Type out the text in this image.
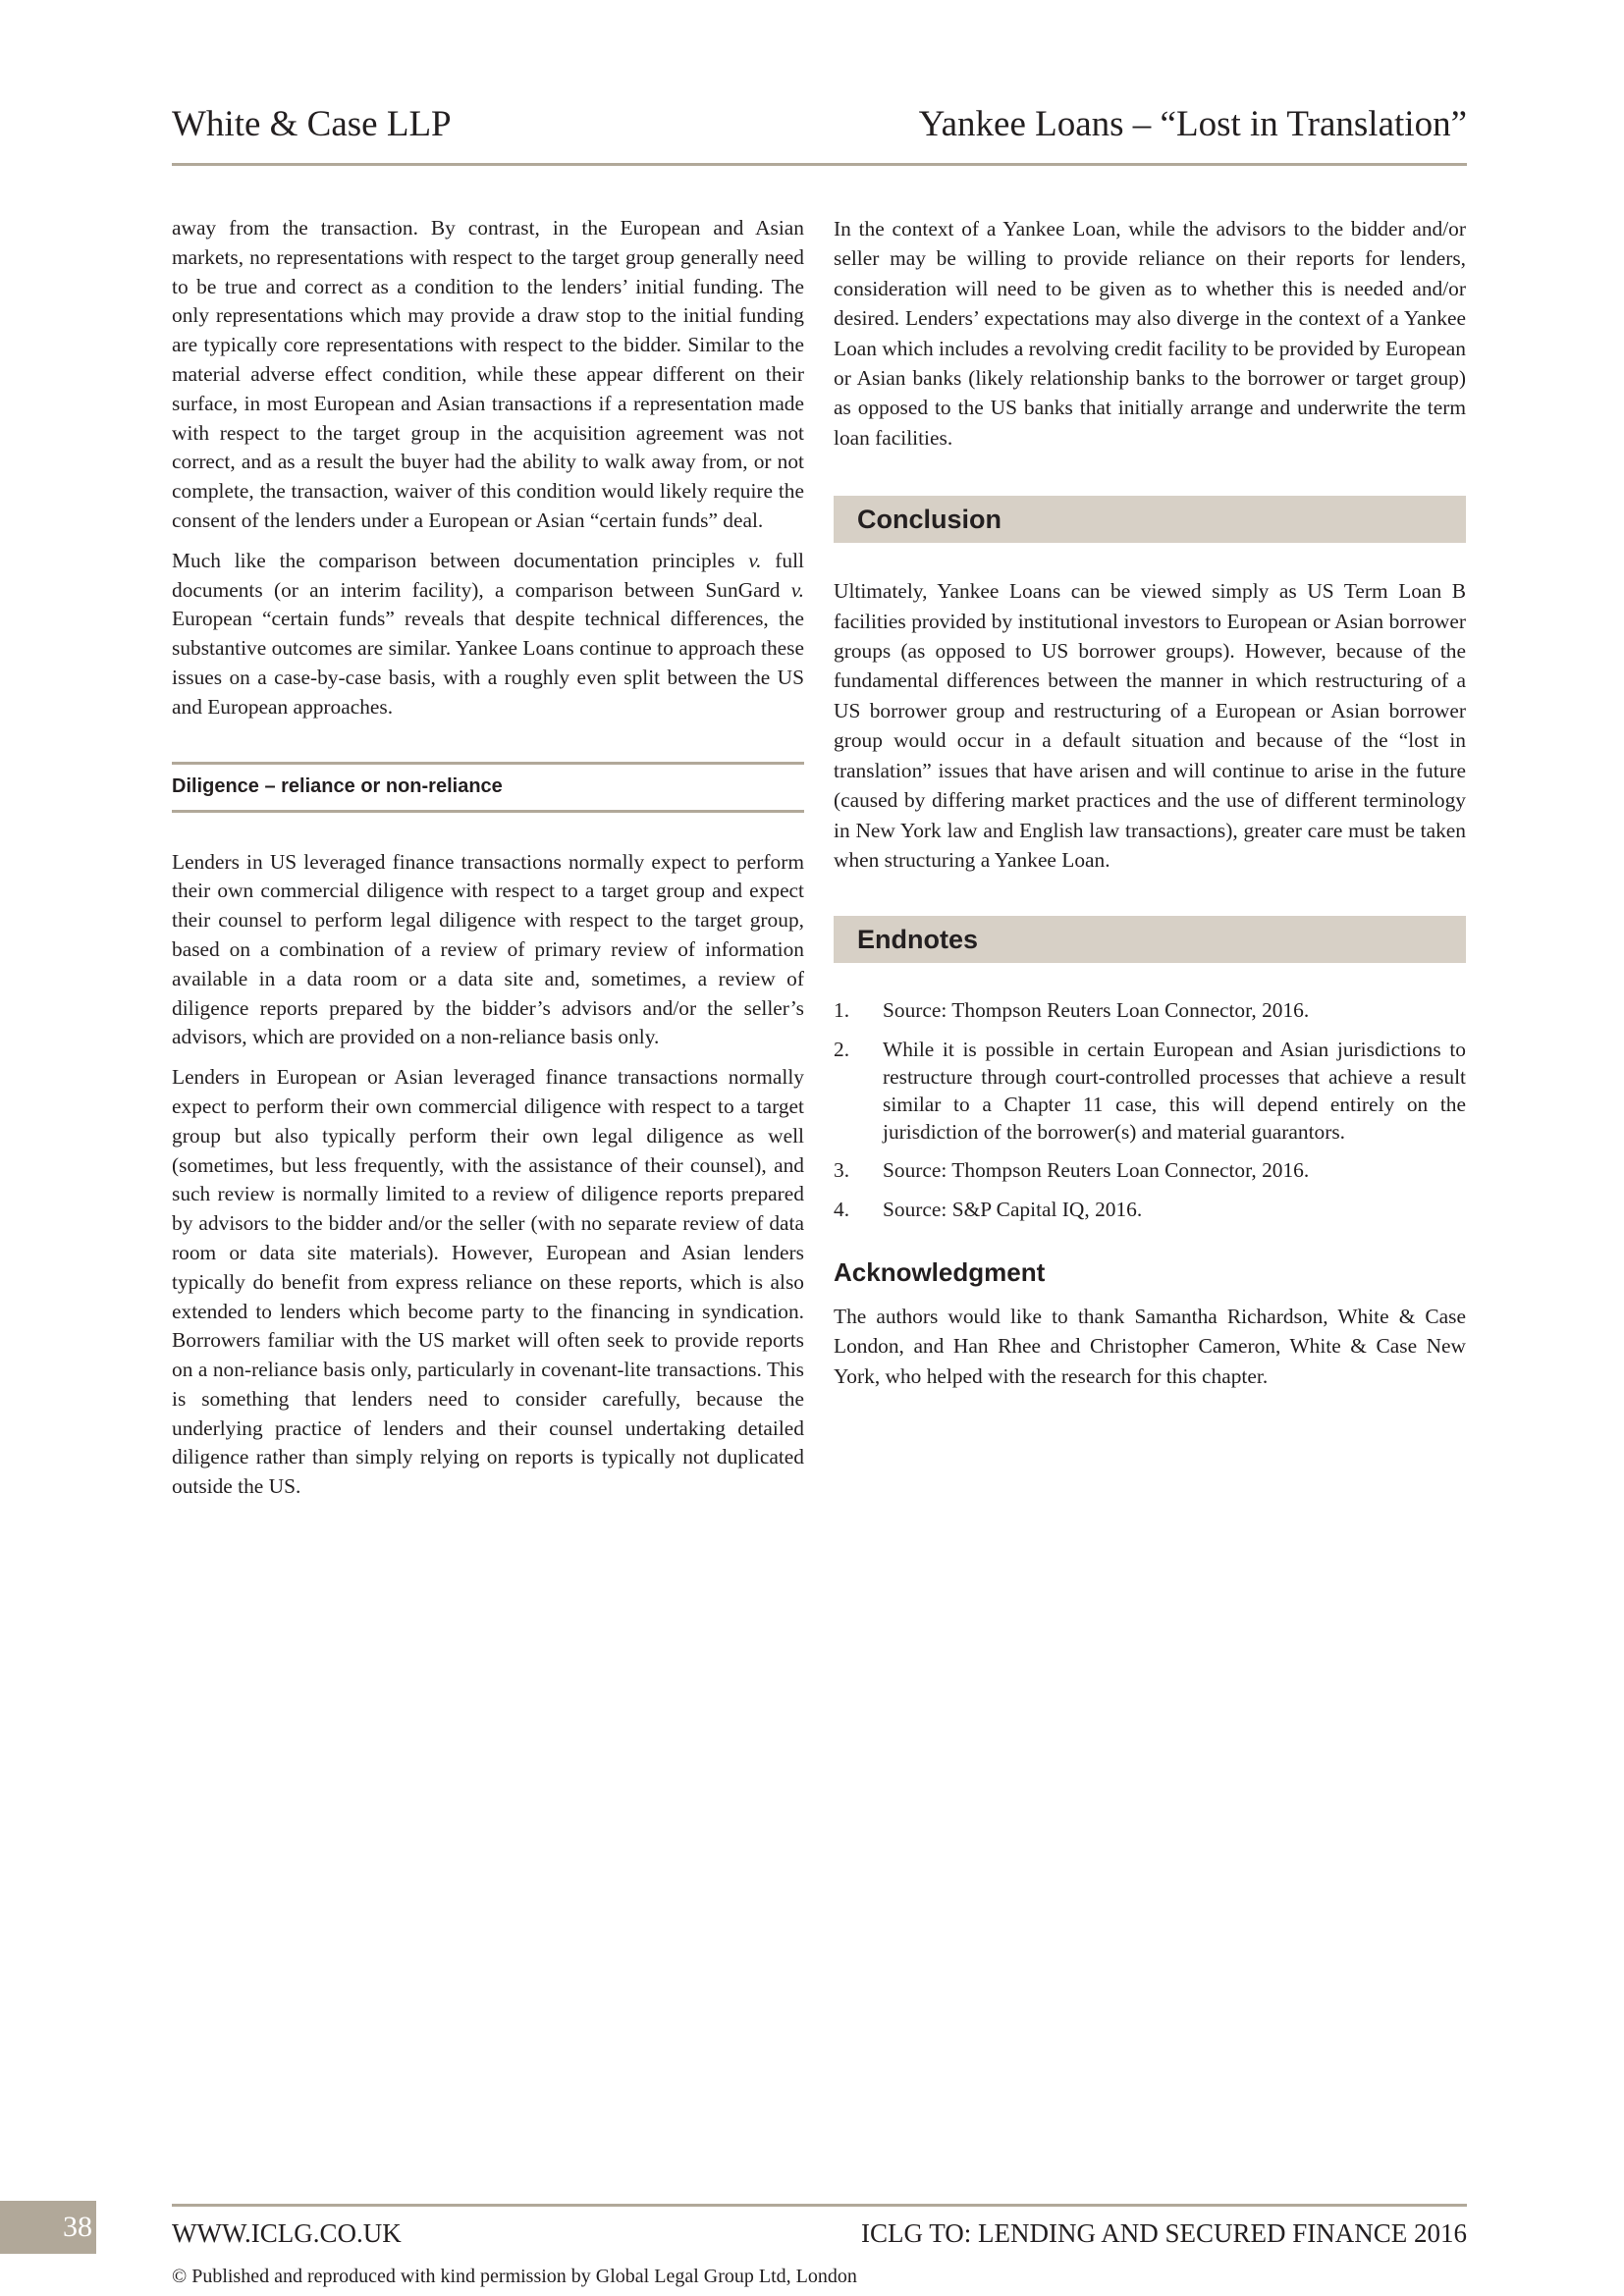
White & Case LLP	Yankee Loans – “Lost in Translation”

away from the transaction. By contrast, in the European and Asian markets, no representations with respect to the target group generally need to be true and correct as a condition to the lenders’ initial funding. The only representations which may provide a draw stop to the initial funding are typically core representations with respect to the bidder. Similar to the material adverse effect condition, while these appear different on their surface, in most European and Asian transactions if a representation made with respect to the target group in the acquisition agreement was not correct, and as a result the buyer had the ability to walk away from, or not complete, the transaction, waiver of this condition would likely require the consent of the lenders under a European or Asian “certain funds” deal.

Much like the comparison between documentation principles v. full documents (or an interim facility), a comparison between SunGard v. European “certain funds” reveals that despite technical differences, the substantive outcomes are similar. Yankee Loans continue to approach these issues on a case-by-case basis, with a roughly even split between the US and European approaches.

Diligence – reliance or non-reliance

Lenders in US leveraged finance transactions normally expect to perform their own commercial diligence with respect to a target group and expect their counsel to perform legal diligence with respect to the target group, based on a combination of a review of primary review of information available in a data room or a data site and, sometimes, a review of diligence reports prepared by the bidder’s advisors and/or the seller’s advisors, which are provided on a non-reliance basis only.

Lenders in European or Asian leveraged finance transactions normally expect to perform their own commercial diligence with respect to a target group but also typically perform their own legal diligence as well (sometimes, but less frequently, with the assistance of their counsel), and such review is normally limited to a review of diligence reports prepared by advisors to the bidder and/or the seller (with no separate review of data room or data site materials). However, European and Asian lenders typically do benefit from express reliance on these reports, which is also extended to lenders which become party to the financing in syndication. Borrowers familiar with the US market will often seek to provide reports on a non-reliance basis only, particularly in covenant-lite transactions. This is something that lenders need to consider carefully, because the underlying practice of lenders and their counsel undertaking detailed diligence rather than simply relying on reports is typically not duplicated outside the US.

In the context of a Yankee Loan, while the advisors to the bidder and/or seller may be willing to provide reliance on their reports for lenders, consideration will need to be given as to whether this is needed and/or desired. Lenders’ expectations may also diverge in the context of a Yankee Loan which includes a revolving credit facility to be provided by European or Asian banks (likely relationship banks to the borrower or target group) as opposed to the US banks that initially arrange and underwrite the term loan facilities.

Conclusion

Ultimately, Yankee Loans can be viewed simply as US Term Loan B facilities provided by institutional investors to European or Asian borrower groups (as opposed to US borrower groups). However, because of the fundamental differences between the manner in which restructuring of a US borrower group and restructuring of a European or Asian borrower group would occur in a default situation and because of the “lost in translation” issues that have arisen and will continue to arise in the future (caused by differing market practices and the use of different terminology in New York law and English law transactions), greater care must be taken when structuring a Yankee Loan.

Endnotes
1. Source: Thompson Reuters Loan Connector, 2016.
2. While it is possible in certain European and Asian jurisdictions to restructure through court-controlled processes that achieve a result similar to a Chapter 11 case, this will depend entirely on the jurisdiction of the borrower(s) and material guarantors.
3. Source: Thompson Reuters Loan Connector, 2016.
4. Source: S&P Capital IQ, 2016.
Acknowledgment

The authors would like to thank Samantha Richardson, White & Case London, and Han Rhee and Christopher Cameron, White & Case New York, who helped with the research for this chapter.

38	WWW.ICLG.CO.UK	ICLG TO: LENDING AND SECURED FINANCE 2016
© Published and reproduced with kind permission by Global Legal Group Ltd, London
